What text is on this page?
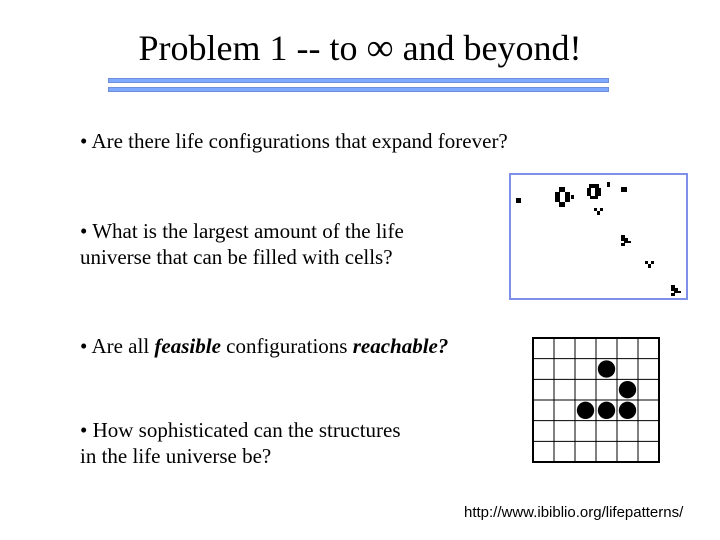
Problem 1 -- to ∞ and beyond!
• Are there life configurations that expand forever?
• What is the largest amount of the life
universe that can be filled with cells?
• Are all feasible configurations reachable?
• How sophisticated can the structures
in the life universe be?
http://www.ibiblio.org/lifepatterns/
